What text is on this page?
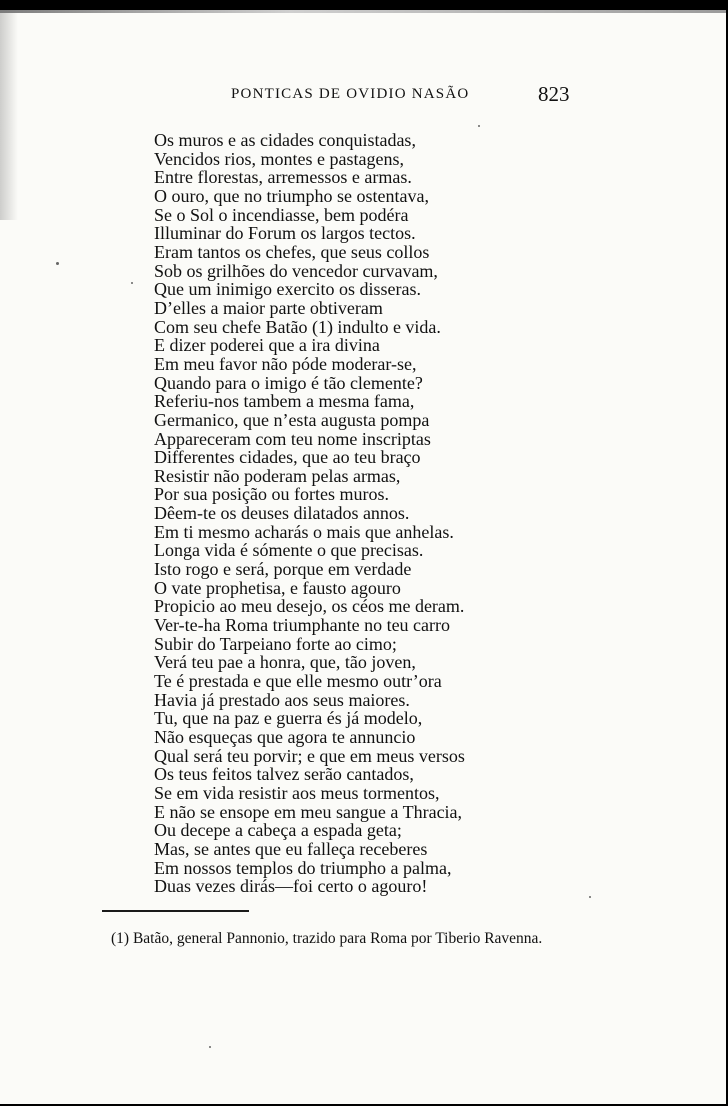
PONTICAS DE OVIDIO NASÃO	823
Os muros e as cidades conquistadas,
Vencidos rios, montes e pastagens,
Entre florestas, arremessos e armas.
O ouro, que no triumpho se ostentava,
Se o Sol o incendiasse, bem podéra
Illuminar do Forum os largos tectos.
Eram tantos os chefes, que seus collos
Sob os grilhões do vencedor curvavam,
Que um inimigo exercito os disseras.
D’elles a maior parte obtiveram
Com seu chefe Batão (1) indulto e vida.
E dizer poderei que a ira divina
Em meu favor não póde moderar-se,
Quando para o imigo é tão clemente?
Referiu-nos tambem a mesma fama,
Germanico, que n’esta augusta pompa
Appareceram com teu nome inscriptas
Differentes cidades, que ao teu braço
Resistir não poderam pelas armas,
Por sua posição ou fortes muros.
Dêem-te os deuses dilatados annos.
Em ti mesmo acharás o mais que anhelas.
Longa vida é sómente o que precisas.
Isto rogo e será, porque em verdade
O vate prophetisa, e fausto agouro
Propicio ao meu desejo, os céos me deram.
Ver-te-ha Roma triumphante no teu carro
Subir do Tarpeiano forte ao cimo;
Verá teu pae a honra, que, tão joven,
Te é prestada e que elle mesmo outr’ora
Havia já prestado aos seus maiores.
Tu, que na paz e guerra és já modelo,
Não esqueças que agora te annuncio
Qual será teu porvir; e que em meus versos
Os teus feitos talvez serão cantados,
Se em vida resistir aos meus tormentos,
E não se ensope em meu sangue a Thracia,
Ou decepe a cabeça a espada geta;
Mas, se antes que eu falleça receberes
Em nossos templos do triumpho a palma,
Duas vezes dirás—foi certo o agouro!
(1) Batão, general Pannonio, trazido para Roma por Tiberio Ravenna.
